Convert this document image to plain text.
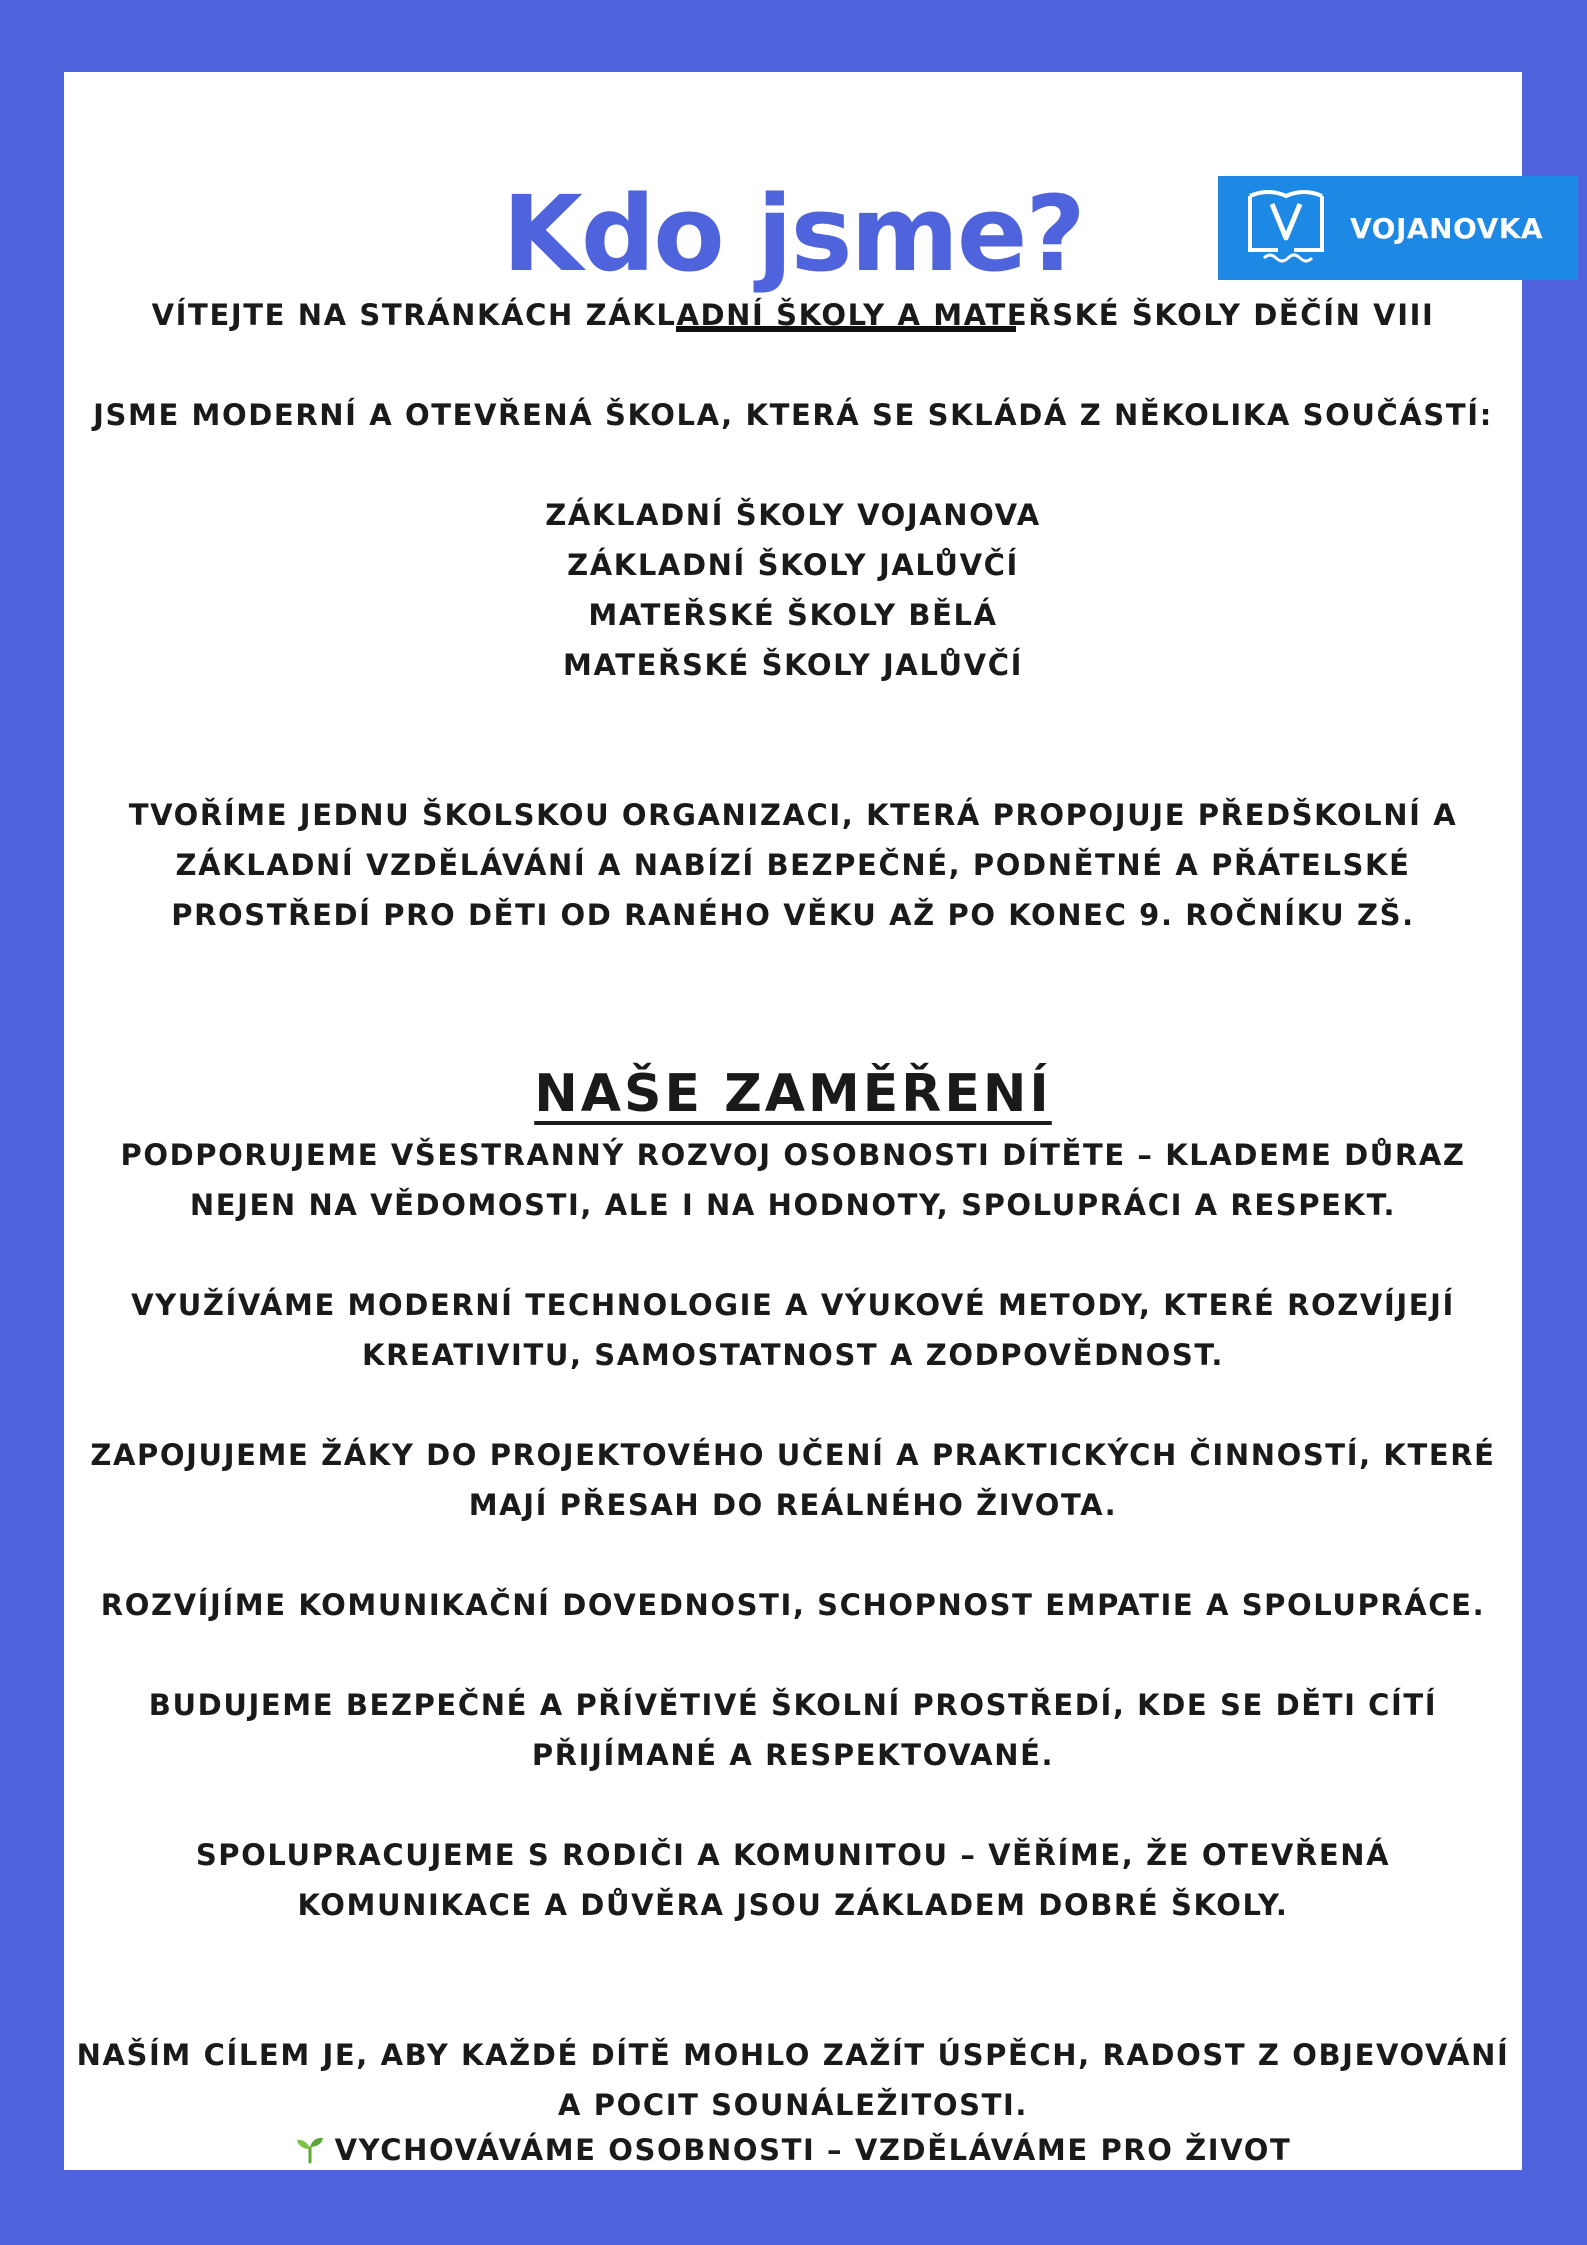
Kdo jsme?	VOJANOVKA

VÍTEJTE NA STRÁNKÁCH ZÁKLADNÍ ŠKOLY A MATEŘSKÉ ŠKOLY DĚČÍN VIII

JSME MODERNÍ A OTEVŘENÁ ŠKOLA, KTERÁ SE SKLÁDÁ Z NĚKOLIKA SOUČÁSTÍ:

ZÁKLADNÍ ŠKOLY VOJANOVA

ZÁKLADNÍ ŠKOLY JALŮVČÍ

MATEŘSKÉ ŠKOLY BĚLÁ

MATEŘSKÉ ŠKOLY JALŮVČÍ

TVOŘÍME JEDNU ŠKOLSKOU ORGANIZACI, KTERÁ PROPOJUJE PŘEDŠKOLNÍ A

ZÁKLADNÍ VZDĚLÁVÁNÍ A NABÍZÍ BEZPEČNÉ, PODNĚTNÉ A PŘÁTELSKÉ

PROSTŘEDÍ PRO DĚTI OD RANÉHO VĚKU AŽ PO KONEC 9. ROČNÍKU ZŠ.

NAŠE ZAMĚŘENÍ

PODPORUJEME VŠESTRANNÝ ROZVOJ OSOBNOSTI DÍTĚTE – KLADEME DŮRAZ

NEJEN NA VĚDOMOSTI, ALE I NA HODNOTY, SPOLUPRÁCI A RESPEKT.

VYUŽÍVÁME MODERNÍ TECHNOLOGIE A VÝUKOVÉ METODY, KTERÉ ROZVÍJEJÍ

KREATIVITU, SAMOSTATNOST A ZODPOVĚDNOST.

ZAPOJUJEME ŽÁKY DO PROJEKTOVÉHO UČENÍ A PRAKTICKÝCH ČINNOSTÍ, KTERÉ

MAJÍ PŘESAH DO REÁLNÉHO ŽIVOTA.

ROZVÍJÍME KOMUNIKAČNÍ DOVEDNOSTI, SCHOPNOST EMPATIE A SPOLUPRÁCE.

BUDUJEME BEZPEČNÉ A PŘÍVĚTIVÉ ŠKOLNÍ PROSTŘEDÍ, KDE SE DĚTI CÍTÍ

PŘIJÍMANÉ A RESPEKTOVANÉ.

SPOLUPRACUJEME S RODIČI A KOMUNITOU – VĚŘÍME, ŽE OTEVŘENÁ

KOMUNIKACE A DŮVĚRA JSOU ZÁKLADEM DOBRÉ ŠKOLY.

NAŠÍM CÍLEM JE, ABY KAŽDÉ DÍTĚ MOHLO ZAŽÍT ÚSPĚCH, RADOST Z OBJEVOVÁNÍ

A POCIT SOUNÁLEŽITOSTI.

VYCHOVÁVÁME OSOBNOSTI – VZDĚLÁVÁME PRO ŽIVOT
